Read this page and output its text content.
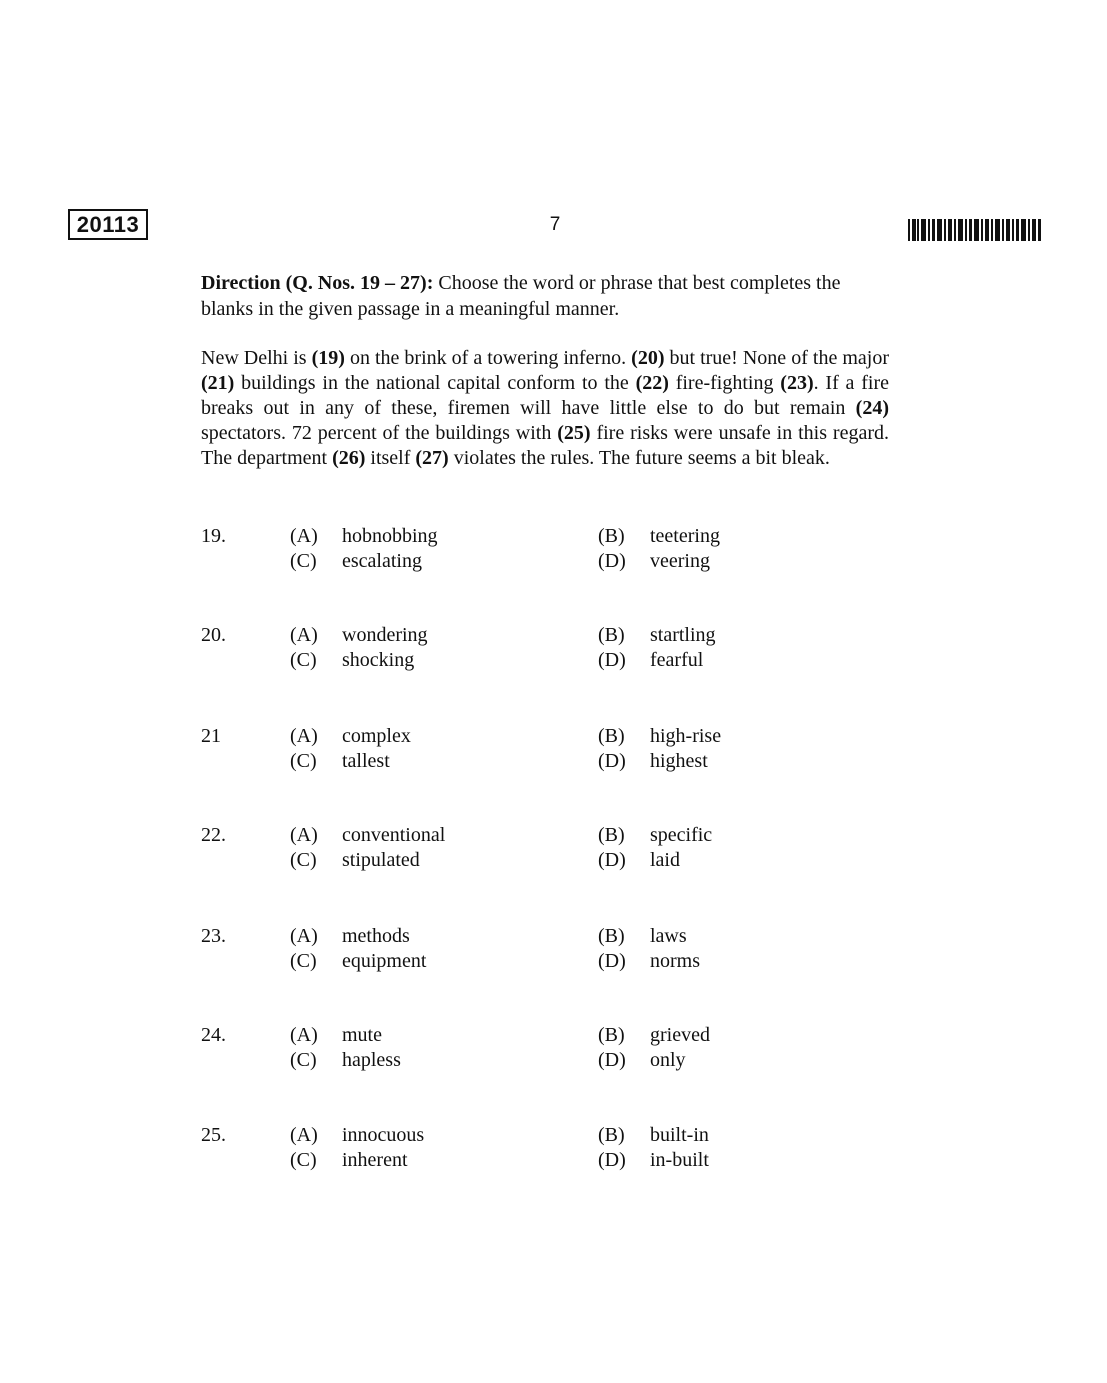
20113	7
Direction (Q. Nos. 19 – 27): Choose the word or phrase that best completes the blanks in the given passage in a meaningful manner.
New Delhi is (19) on the brink of a towering inferno. (20) but true! None of the major (21) buildings in the national capital conform to the (22) fire-fighting (23). If a fire breaks out in any of these, firemen will have little else to do but remain (24) spectators. 72 percent of the buildings with (25) fire risks were unsafe in this regard. The department (26) itself (27) violates the rules. The future seems a bit bleak.
19.	(A) hobnobbing	(B) teetering
(C) escalating	(D) veering
20.	(A) wondering	(B) startling
(C) shocking	(D) fearful
21	(A) complex	(B) high-rise
(C) tallest	(D) highest
22.	(A) conventional	(B) specific
(C) stipulated	(D) laid
23.	(A) methods	(B) laws
(C) equipment	(D) norms
24.	(A) mute	(B) grieved
(C) hapless	(D) only
25.	(A) innocuous	(B) built-in
(C) inherent	(D) in-built
